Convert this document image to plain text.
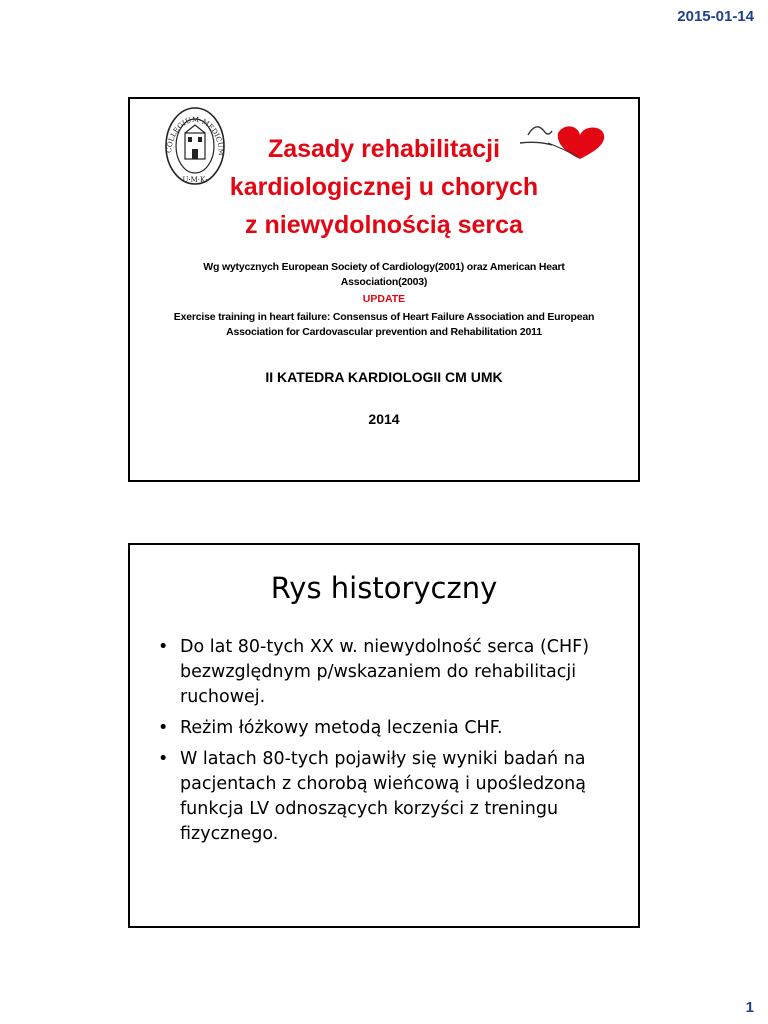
2015-01-14
COLLEGIUM MEDICUM
U·M·K·
Zasady rehabilitacji
kardiologicznej u chorych
z niewydolnością serca
Wg wytycznych European Society of Cardiology(2001) oraz American Heart
Association(2003)
UPDATE
Exercise training in heart failure: Consensus of Heart Failure Association and European
Association for Cardovascular prevention and Rehabilitation 2011
II KATEDRA KARDIOLOGII CM UMK
2014
Rys historyczny
• Do lat 80-tych XX w. niewydolność serca (CHF) bezwzględnym p/wskazaniem do rehabilitacji ruchowej.
• Reżim łóżkowy metodą leczenia CHF.
• W latach 80-tych pojawiły się wyniki badań na pacjentach z chorobą wieńcową i upośledzoną funkcja LV odnoszących korzyści z treningu fizycznego.
1
